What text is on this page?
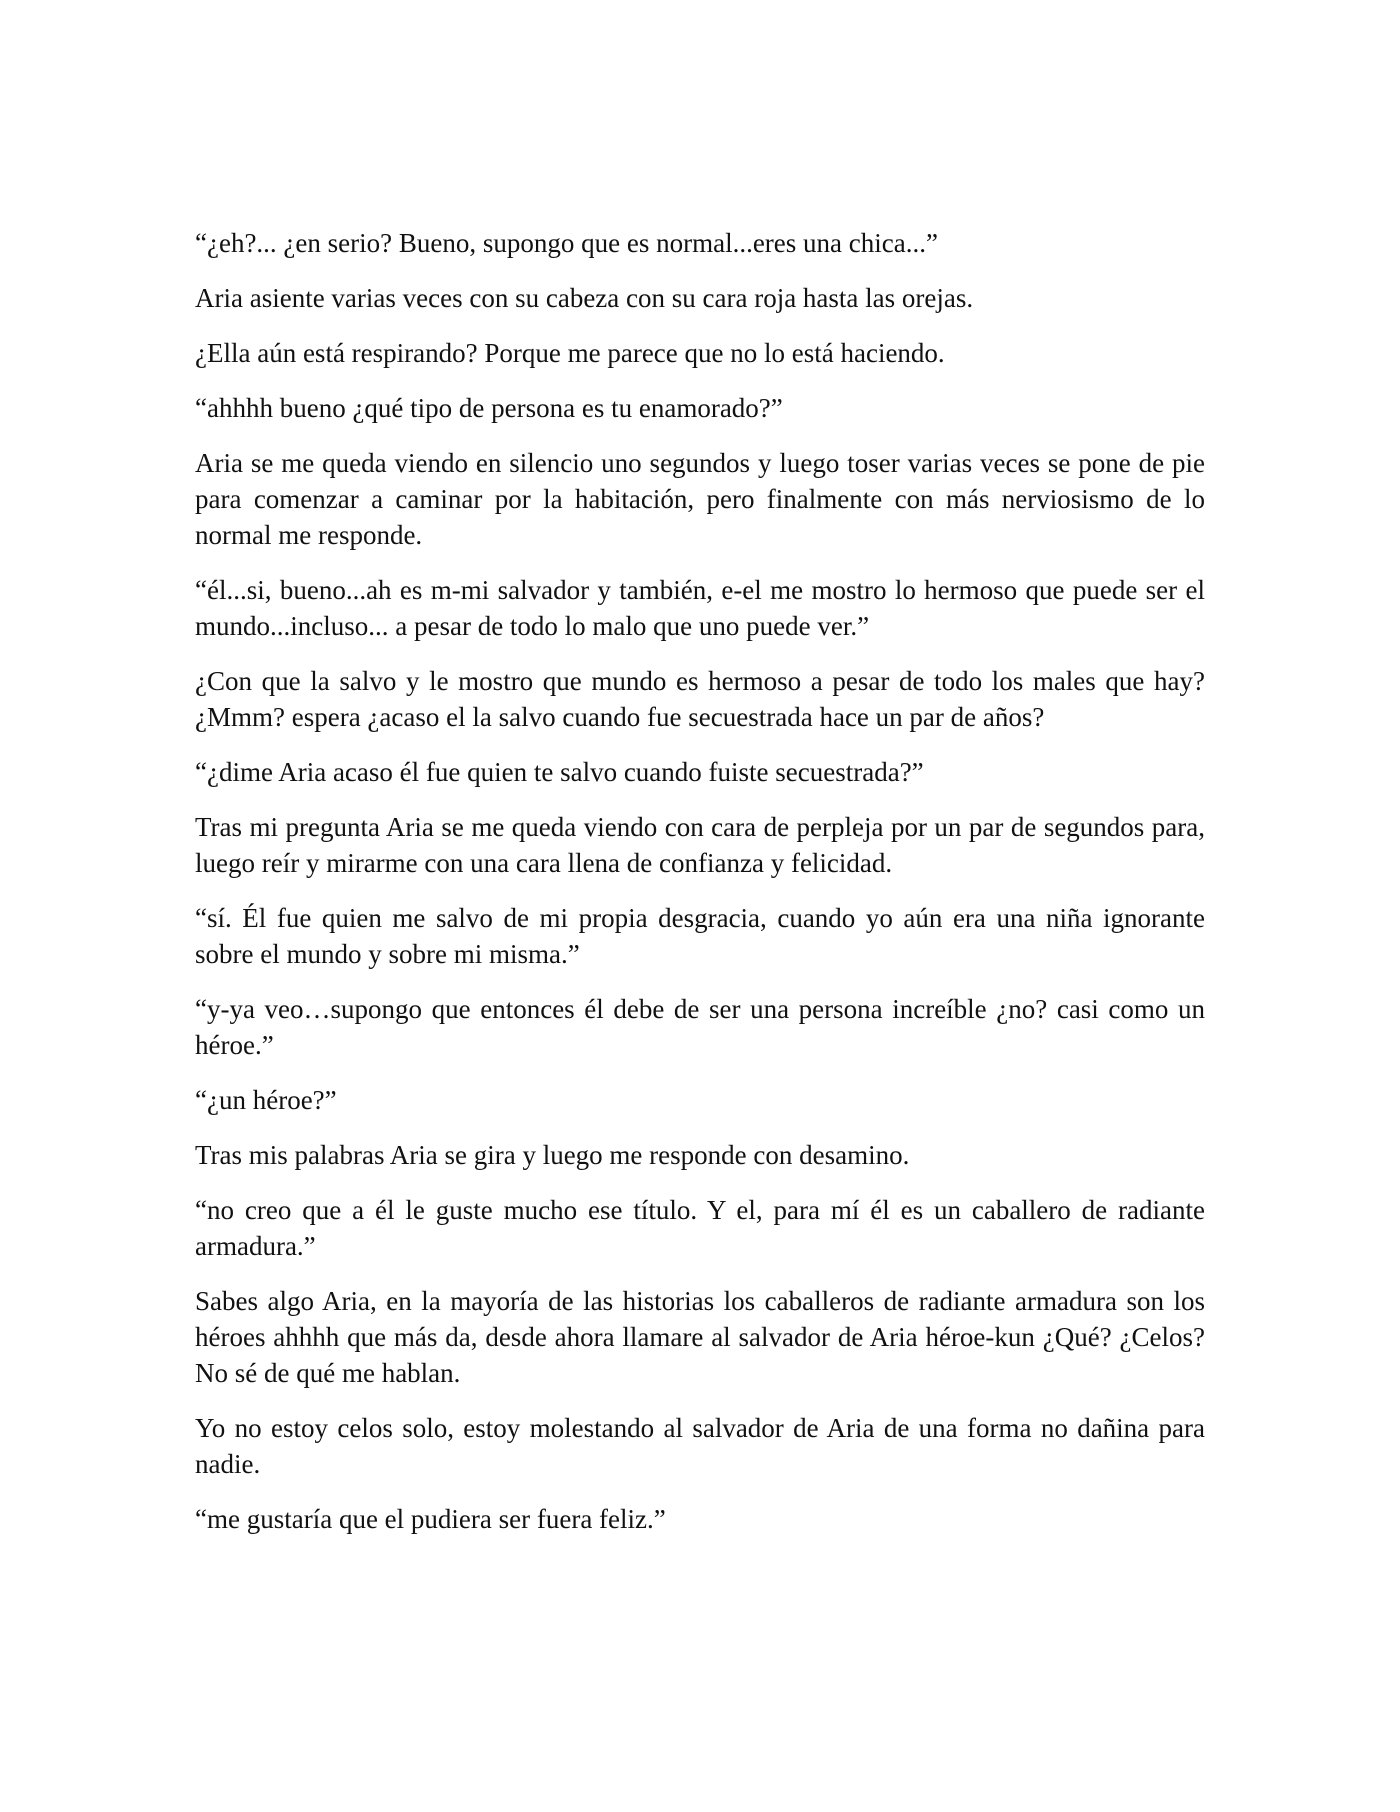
“¿eh?... ¿en serio? Bueno, supongo que es normal...eres una chica...”

Aria asiente varias veces con su cabeza con su cara roja hasta las orejas.

¿Ella aún está respirando? Porque me parece que no lo está haciendo.

“ahhhh bueno ¿qué tipo de persona es tu enamorado?”

Aria se me queda viendo en silencio uno segundos y luego toser varias veces se pone de pie para comenzar a caminar por la habitación, pero finalmente con más nerviosismo de lo normal me responde.

“él...si, bueno...ah es m-mi salvador y también, e-el me mostro lo hermoso que puede ser el mundo...incluso... a pesar de todo lo malo que uno puede ver.”

¿Con que la salvo y le mostro que mundo es hermoso a pesar de todo los males que hay? ¿Mmm? espera ¿acaso el la salvo cuando fue secuestrada hace un par de años?

“¿dime Aria acaso él fue quien te salvo cuando fuiste secuestrada?”

Tras mi pregunta Aria se me queda viendo con cara de perpleja por un par de segundos para, luego reír y mirarme con una cara llena de confianza y felicidad.

“sí. Él fue quien me salvo de mi propia desgracia, cuando yo aún era una niña ignorante sobre el mundo y sobre mi misma.”

“y-ya veo…supongo que entonces él debe de ser una persona increíble ¿no? casi como un héroe.”

“¿un héroe?”

Tras mis palabras Aria se gira y luego me responde con desamino.

“no creo que a él le guste mucho ese título. Y el, para mí él es un caballero de radiante armadura.”

Sabes algo Aria, en la mayoría de las historias los caballeros de radiante armadura son los héroes ahhhh que más da, desde ahora llamare al salvador de Aria héroe-kun ¿Qué? ¿Celos? No sé de qué me hablan.

Yo no estoy celos solo, estoy molestando al salvador de Aria de una forma no dañina para nadie.

“me gustaría que el pudiera ser fuera feliz.”
